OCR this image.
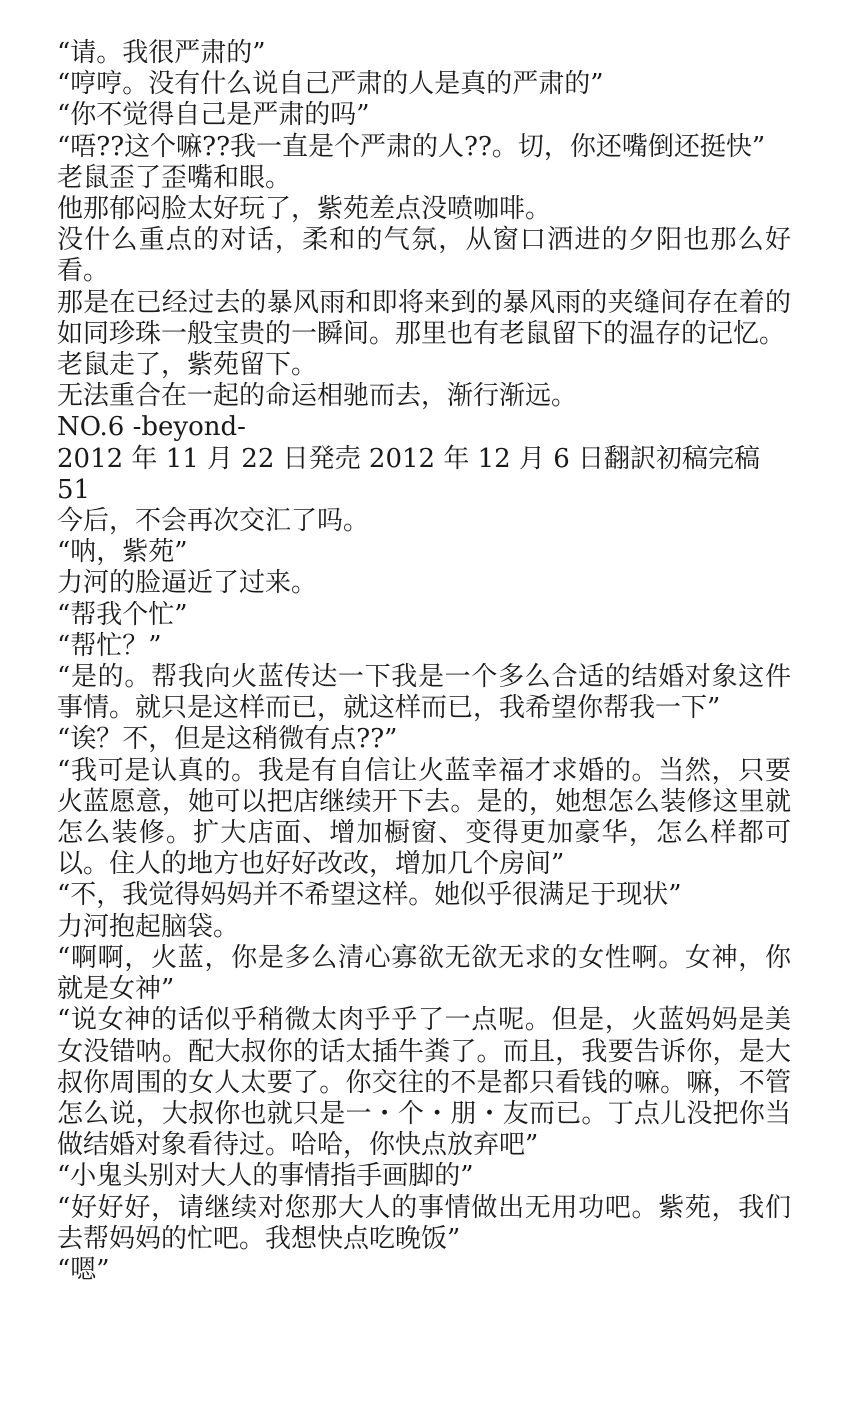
“请。我很严肃的”

“哼哼。没有什么说自己严肃的人是真的严肃的”

“你不觉得自己是严肃的吗”

“唔??这个嘛??我一直是个严肃的人??。切，你还嘴倒还挺快”

老鼠歪了歪嘴和眼。

他那郁闷脸太好玩了，紫苑差点没喷咖啡。

没什么重点的对话，柔和的气氛，从窗口洒进的夕阳也那么好看。

那是在已经过去的暴风雨和即将来到的暴风雨的夹缝间存在着的如同珍珠一般宝贵的一瞬间。那里也有老鼠留下的温存的记忆。

老鼠走了，紫苑留下。

无法重合在一起的命运相驰而去，渐行渐远。

NO.6 -beyond-

2012 年 11 月 22 日発売 2012 年 12 月 6 日翻訳初稿完稿

51

今后，不会再次交汇了吗。

“呐，紫苑”

力河的脸逼近了过来。

“帮我个忙”

“帮忙？”

“是的。帮我向火蓝传达一下我是一个多么合适的结婚对象这件事情。就只是这样而已，就这样而已，我希望你帮我一下”

“诶？不，但是这稍微有点??”

“我可是认真的。我是有自信让火蓝幸福才求婚的。当然，只要火蓝愿意，她可以把店继续开下去。是的，她想怎么装修这里就怎么装修。扩大店面、增加橱窗、变得更加豪华，怎么样都可以。住人的地方也好好改改，增加几个房间”

“不，我觉得妈妈并不希望这样。她似乎很满足于现状”

力河抱起脑袋。

“啊啊，火蓝，你是多么清心寡欲无欲无求的女性啊。女神，你就是女神”

“说女神的话似乎稍微太肉乎乎了一点呢。但是，火蓝妈妈是美女没错呐。配大叔你的话太插牛粪了。而且，我要告诉你，是大叔你周围的女人太要了。你交往的不是都只看钱的嘛。嘛，不管怎么说，大叔你也就只是一・个・朋・友而已。丁点儿没把你当做结婚对象看待过。哈哈，你快点放弃吧”

“小鬼头别对大人的事情指手画脚的”

“好好好，请继续对您那大人的事情做出无用功吧。紫苑，我们去帮妈妈的忙吧。我想快点吃晚饭”

“嗯”
